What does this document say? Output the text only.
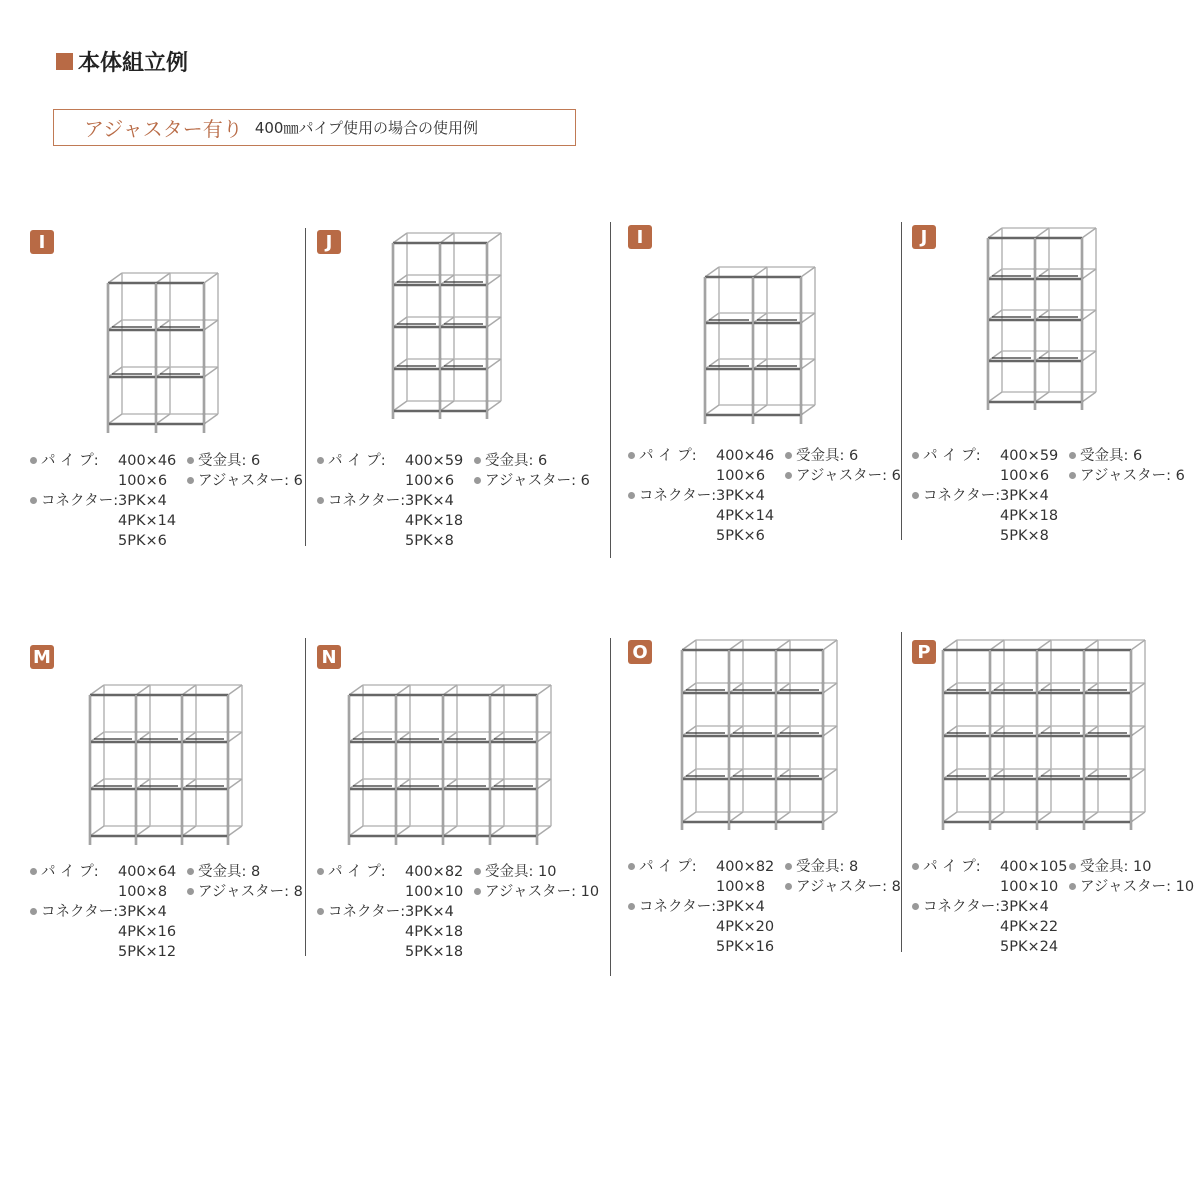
本体組立例
アジャスター有り 400㎜パイプ使用の場合の使用例
I
パ イ プ: 400×46
100×6
受金具: 6
アジャスター: 6
コネクター: 3PK×4
4PK×14
5PK×6
J
パ イ プ: 400×59
100×6
受金具: 6
アジャスター: 6
コネクター: 3PK×4
4PK×18
5PK×8
I
パ イ プ: 400×46
100×6
受金具: 6
アジャスター: 6
コネクター: 3PK×4
4PK×14
5PK×6
J
パ イ プ: 400×59
100×6
受金具: 6
アジャスター: 6
コネクター: 3PK×4
4PK×18
5PK×8
M
パ イ プ: 400×64
100×8
受金具: 8
アジャスター: 8
コネクター: 3PK×4
4PK×16
5PK×12
N
パ イ プ: 400×82
100×10
受金具: 10
アジャスター: 10
コネクター: 3PK×4
4PK×18
5PK×18
O
パ イ プ: 400×82
100×8
受金具: 8
アジャスター: 8
コネクター: 3PK×4
4PK×20
5PK×16
P
パ イ プ: 400×105
100×10
受金具: 10
アジャスター: 10
コネクター: 3PK×4
4PK×22
5PK×24
